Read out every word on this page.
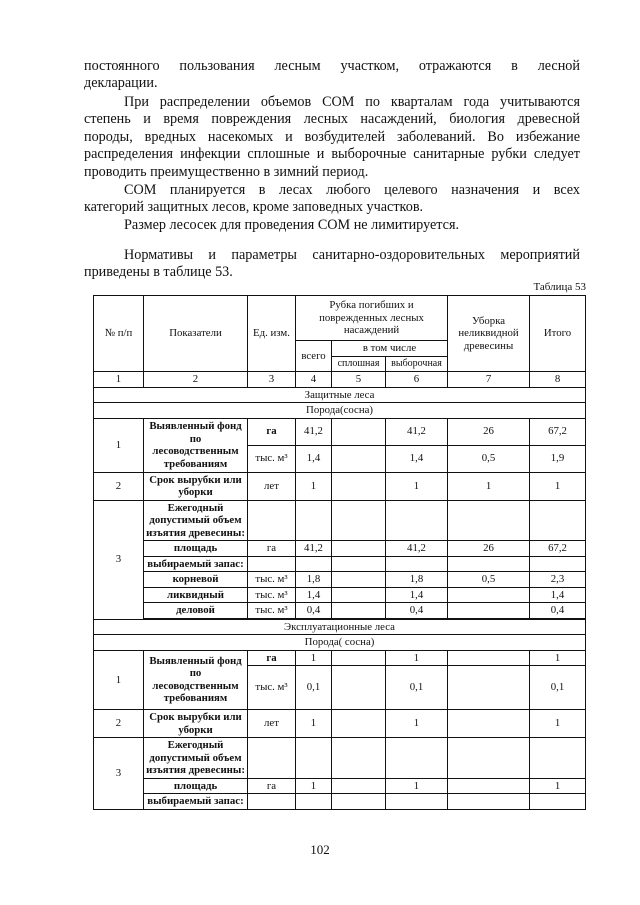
постоянного пользования лесным участком, отражаются в лесной
декларации.

При распределении объемов СОМ по кварталам года учитываются
степень и время повреждения лесных насаждений, биология древесной
породы, вредных насекомых и возбудителей заболеваний. Во избежание
распределения инфекции сплошные и выборочные санитарные рубки следует
проводить преимущественно в зимний период.

СОМ планируется в лесах любого целевого назначения и всех
категорий защитных лесов, кроме заповедных участков.

Размер лесосек для проведения СОМ не лимитируется.

Нормативы и параметры санитарно-оздоровительных мероприятий
приведены в таблице 53.

Таблица 53
№ п/п	Показатели	Ед. изм.	Рубка погибших и поврежденных лесных насаждений			Уборка неликвидной древесины	Итого
			всего	в том числе			
				сплошная	выборочная		
1	2	3	4	5	6	7	8
Защитные леса							
Порода(сосна)							
1	Выявленный фонд по лесоводственным требованиям	га	41,2		41,2	26	67,2
		тыс. м³	1,4		1,4	0,5	1,9
2	Срок вырубки или уборки	лет	1		1	1	1
3	Ежегодный допустимый объем изъятия древесины:						
	площадь	га	41,2		41,2	26	67,2
	выбираемый запас:						
	корневой	тыс. м³	1,8		1,8	0,5	2,3
	ликвидный	тыс. м³	1,4		1,4		1,4
	деловой	тыс. м³	0,4		0,4		0,4

Эксплуатационные леса							
Порода( сосна)							
1	Выявленный фонд по лесоводственным требованиям	га	1		1		1
		тыс. м³	0,1		0,1		0,1
2	Срок вырубки или уборки	лет	1		1		1
3	Ежегодный допустимый объем изъятия древесины:						
	площадь	га	1		1		1
	выбираемый запас:						
102
